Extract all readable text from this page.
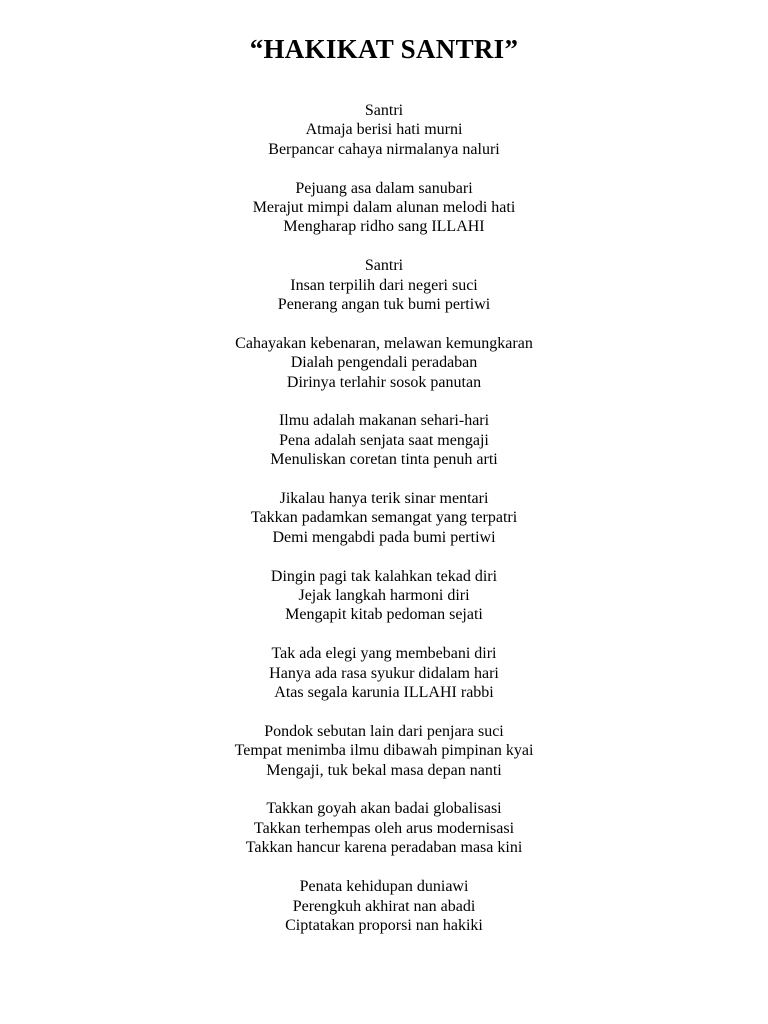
“HAKIKAT SANTRI”
Santri
Atmaja berisi hati murni
Berpancar cahaya nirmalanya naluri
Pejuang asa dalam sanubari
Merajut mimpi dalam alunan melodi hati
Mengharap ridho sang ILLAHI
Santri
Insan terpilih dari negeri suci
Penerang angan tuk bumi pertiwi
Cahayakan kebenaran, melawan kemungkaran
Dialah pengendali peradaban
Dirinya terlahir sosok panutan
Ilmu adalah makanan sehari-hari
Pena adalah senjata saat mengaji
Menuliskan coretan tinta penuh arti
Jikalau hanya terik sinar mentari
Takkan padamkan semangat yang terpatri
Demi mengabdi pada bumi pertiwi
Dingin pagi tak kalahkan tekad diri
Jejak langkah harmoni diri
Mengapit kitab pedoman sejati
Tak ada elegi yang membebani diri
Hanya ada rasa syukur didalam hari
Atas segala karunia ILLAHI rabbi
Pondok sebutan lain dari penjara suci
Tempat menimba ilmu dibawah pimpinan kyai
Mengaji, tuk bekal masa depan nanti
Takkan goyah akan badai globalisasi
Takkan terhempas oleh arus modernisasi
Takkan hancur karena peradaban masa kini
Penata kehidupan duniawi
Perengkuh akhirat nan abadi
Ciptatakan proporsi nan hakiki
